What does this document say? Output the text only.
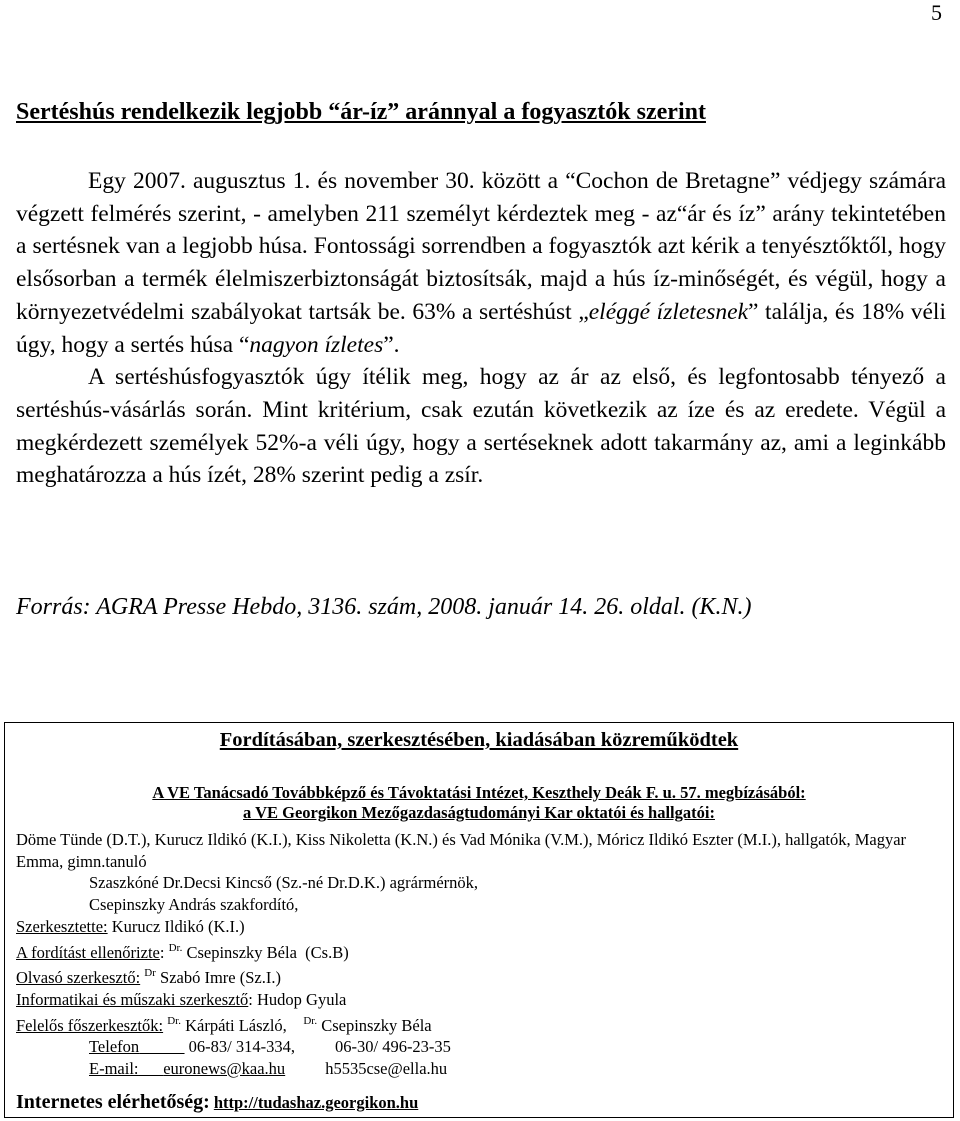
5
Sertéshús rendelkezik legjobb “ár-íz” aránnyal a fogyasztók szerint

Egy 2007. augusztus 1. és november 30. között a “Cochon de Bretagne” védjegy számára végzett felmérés szerint, - amelyben 211 személyt kérdeztek meg - az“ár és íz” arány tekintetében a sertésnek van a legjobb húsa. Fontossági sorrendben a fogyasztók azt kérik a tenyésztőktől, hogy elsősorban a termék élelmiszerbiztonságát biztosítsák, majd a hús íz-minőségét, és végül, hogy a környezetvédelmi szabályokat tartsák be. 63% a sertéshúst „eléggé ízletesnek” találja, és 18% véli úgy, hogy a sertés húsa “nagyon ízletes”.

A sertéshúsfogyasztók úgy ítélik meg, hogy az ár az első, és legfontosabb tényező a sertéshús-vásárlás során. Mint kritérium, csak ezután következik az íze és az eredete. Végül a megkérdezett személyek 52%-a véli úgy, hogy a sertéseknek adott takarmány az, ami a leginkább meghatározza a hús ízét, 28% szerint pedig a zsír.

Forrás: AGRA Presse Hebdo, 3136. szám, 2008. január 14. 26. oldal. (K.N.)

Fordításában, szerkesztésében, kiadásában közreműködtek
A VE Tanácsadó Továbbképző és Távoktatási Intézet, Keszthely Deák F. u. 57. megbízásából:
a VE Georgikon Mezőgazdaságtudományi Kar oktatói és hallgatói:
Döme Tünde (D.T.), Kurucz Ildikó (K.I.), Kiss Nikoletta (K.N.) és Vad Mónika (V.M.), Móricz Ildikó Eszter (M.I.), hallgatók, Magyar Emma, gimn.tanuló
Szaszkóné Dr.Decsi Kincső (Sz.-né Dr.D.K.) agrármérnök,
Csepinszky András szakfordító,
Szerkesztette: Kurucz Ildikó (K.I.)
A fordítást ellenőrizte: $^{Dr.}$ Csepinszky Béla (Cs.B)
Olvasó szerkesztő: $^{Dr}$ Szabó Imre (Sz.I.)
Informatikai és műszaki szerkesztő: Hudop Gyula
Felelős főszerkesztők: $^{Dr.}$ Kárpáti László, $^{Dr.}$ Csepinszky Béla
Telefon	06-83/ 314-334, 06-30/ 496-23-35
E-mail: euronews@kaa.hu h5535cse@ella.hu
Internetes elérhetőség: http://tudashaz.georgikon.hu
